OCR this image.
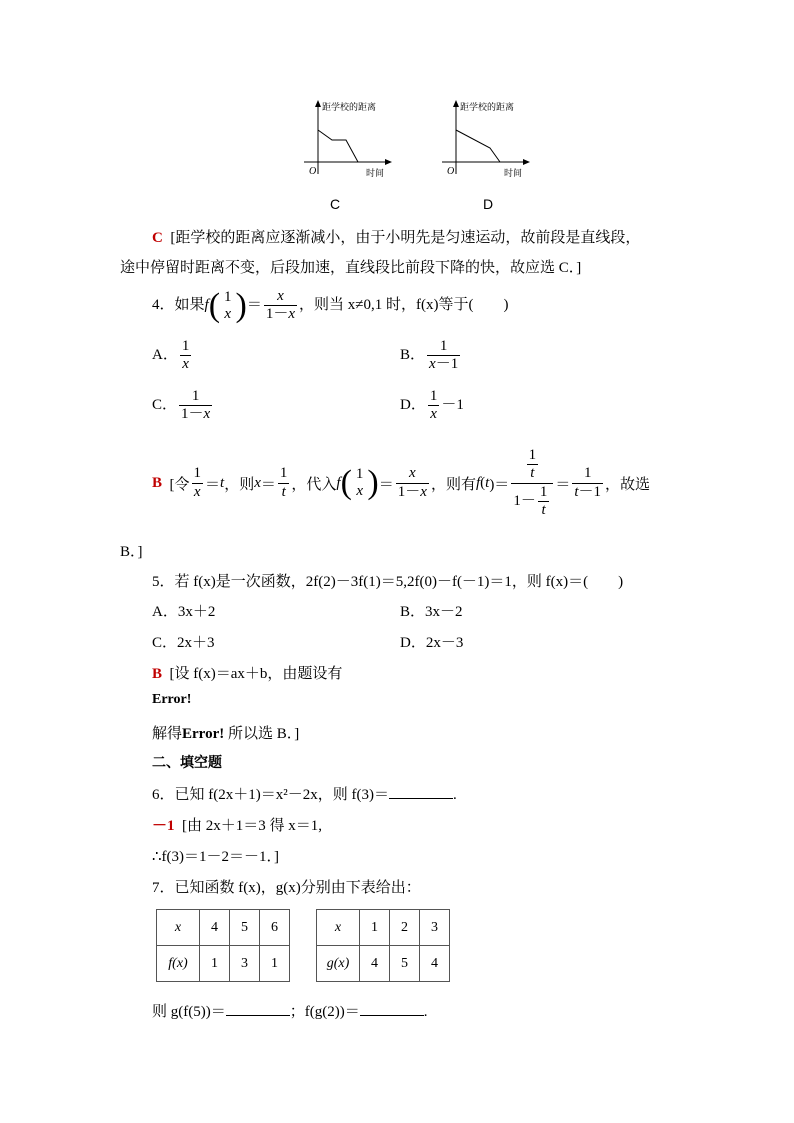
距学校的距离
时间
O
C
距学校的距离
时间
O
D
C [距学校的距离应逐渐减小，由于小明先是匀速运动，故前段是直线段，
途中停留时距离不变，后段加速，直线段比前段下降的快，故应选 C．]
4．如果f( 1
x )＝ $\frac{x}{1-x}$ ，则当 x≠0,1 时，f(x)等于(　　)
A． $\frac{1}{x}$	B． $\frac{1}{x-1}$
C． $\frac{1}{1-x}$	D． $\frac{1}{x} -1$
B [令 $\frac{1}{x} = t$ ，则 $x = \frac{1}{t}$ ，代入 f ( 1
x ) ＝ $\frac{x}{1-x}$ ，则有 f ( t )＝ $\frac{\frac{1}{t}}{1- \frac{1}{t}} = \frac{1}{t-1}$ ，故选
B．]
5．若 f(x)是一次函数，2f(2)－3f(1)＝5,2f(0)－f(－1)＝1，则 f(x)＝(　　)
A．3x＋2	B．3x－2
C．2x＋3	D．2x－3
B [设 f(x)＝ax＋b，由题设有
Error!
解得Error! 所以选 B．]
二、填空题
6．已知 f(2x＋1)＝x²－2x，则 f(3)＝	.
－1 [由 2x＋1＝3 得 x＝1,
∴f(3)＝1－2＝－1．]
7．已知函数 f(x)，g(x)分别由下表给出：
x	4	5	6
f(x)	1	3	1
x	1	2	3
g(x)	4	5	4
则 g(f(5))＝	；f(g(2))＝	.
